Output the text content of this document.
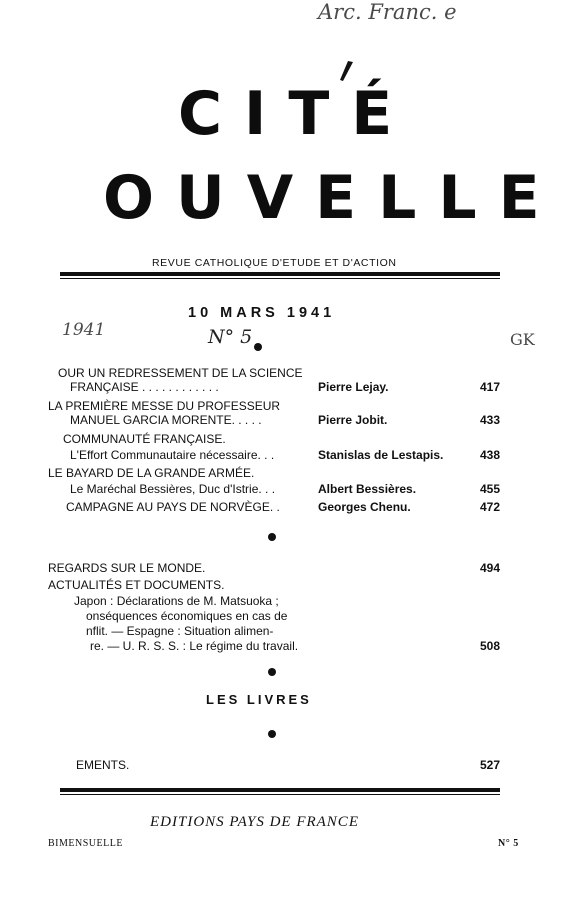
Arc. Franc. e
CITÉ
OUVELLE
REVUE CATHOLIQUE D'ETUDE ET D'ACTION
10 MARS 1941
1941	N° 5	GK
OUR UN REDRESSEMENT DE LA SCIENCE
FRANÇAISE . . . . . . . . . . . .	Pierre Lejay.	417
LA PREMIÈRE MESSE DU PROFESSEUR
MANUEL GARCIA MORENTE. . . . .	Pierre Jobit.	433
COMMUNAUTÉ FRANÇAISE.
L'Effort Communautaire nécessaire. . .	Stanislas de Lestapis.	438
LE BAYARD DE LA GRANDE ARMÉE.
Le Maréchal Bessières, Duc d'Istrie. . .	Albert Bessières.	455
CAMPAGNE AU PAYS DE NORVÈGE. .	Georges Chenu.	472
REGARDS SUR LE MONDE.	494
ACTUALITÉS ET DOCUMENTS.
Japon : Déclarations de M. Matsuoka ;
onséquences économiques en cas de
nflit. — Espagne : Situation alimen-
re. — U. R. S. S. : Le régime du travail.	508
LES LIVRES
EMENTS.	527
EDITIONS PAYS DE FRANCE
BIMENSUELLE	N° 5
